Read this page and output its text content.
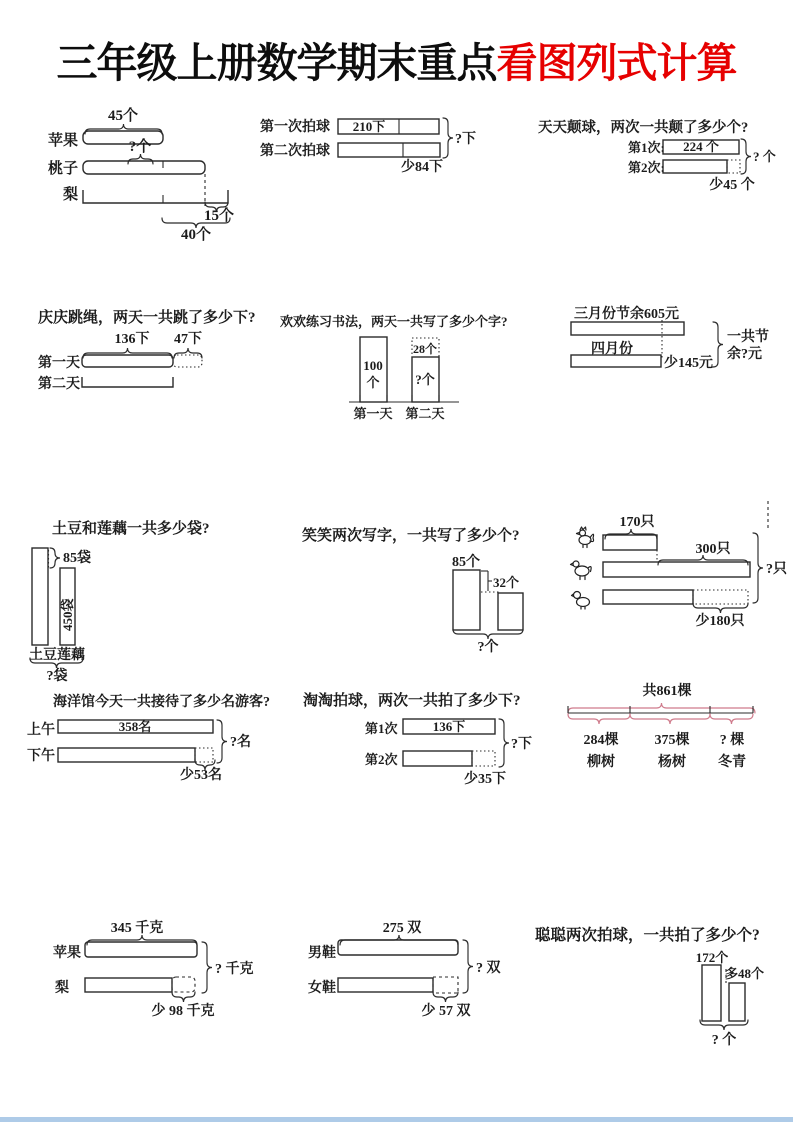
三年级上册数学期末重点看图列式计算
45个
苹果	?个
桃子
梨
15个
40个
第一次拍球 210下
第二次拍球
少84下
?下
天天颠球，两次一共颠了多少个?
第1次: 224 个
第2次:
? 个
少45 个
庆庆跳绳，两天一共跳了多少下?
136下 47下
第一天
第二天
欢欢练习书法，两天一共写了多少个字?
100
个
28个
?个
第一天 第二天
三月份节余605元
四月份
少145元
一共节
余?元
土豆和莲藕一共多少袋?
85袋
450袋
土豆 莲藕
?袋
笑笑两次写字，一共写了多少个?
85个
32个
?个
170只
300只
少180只
?只
海洋馆今天一共接待了多少名游客?
上午	358名
下午
少53名
?名
淘淘拍球，两次一共拍了多少下?
第1次	136下
第2次
少35下
?下
共861棵
284棵	375棵 ? 棵
柳树	杨树 冬青
345 千克
苹果
梨
少 98 千克
? 千克
275 双
男鞋
女鞋
少 57 双
? 双
聪聪两次拍球，一共拍了多少个?
172个
多48个
? 个
